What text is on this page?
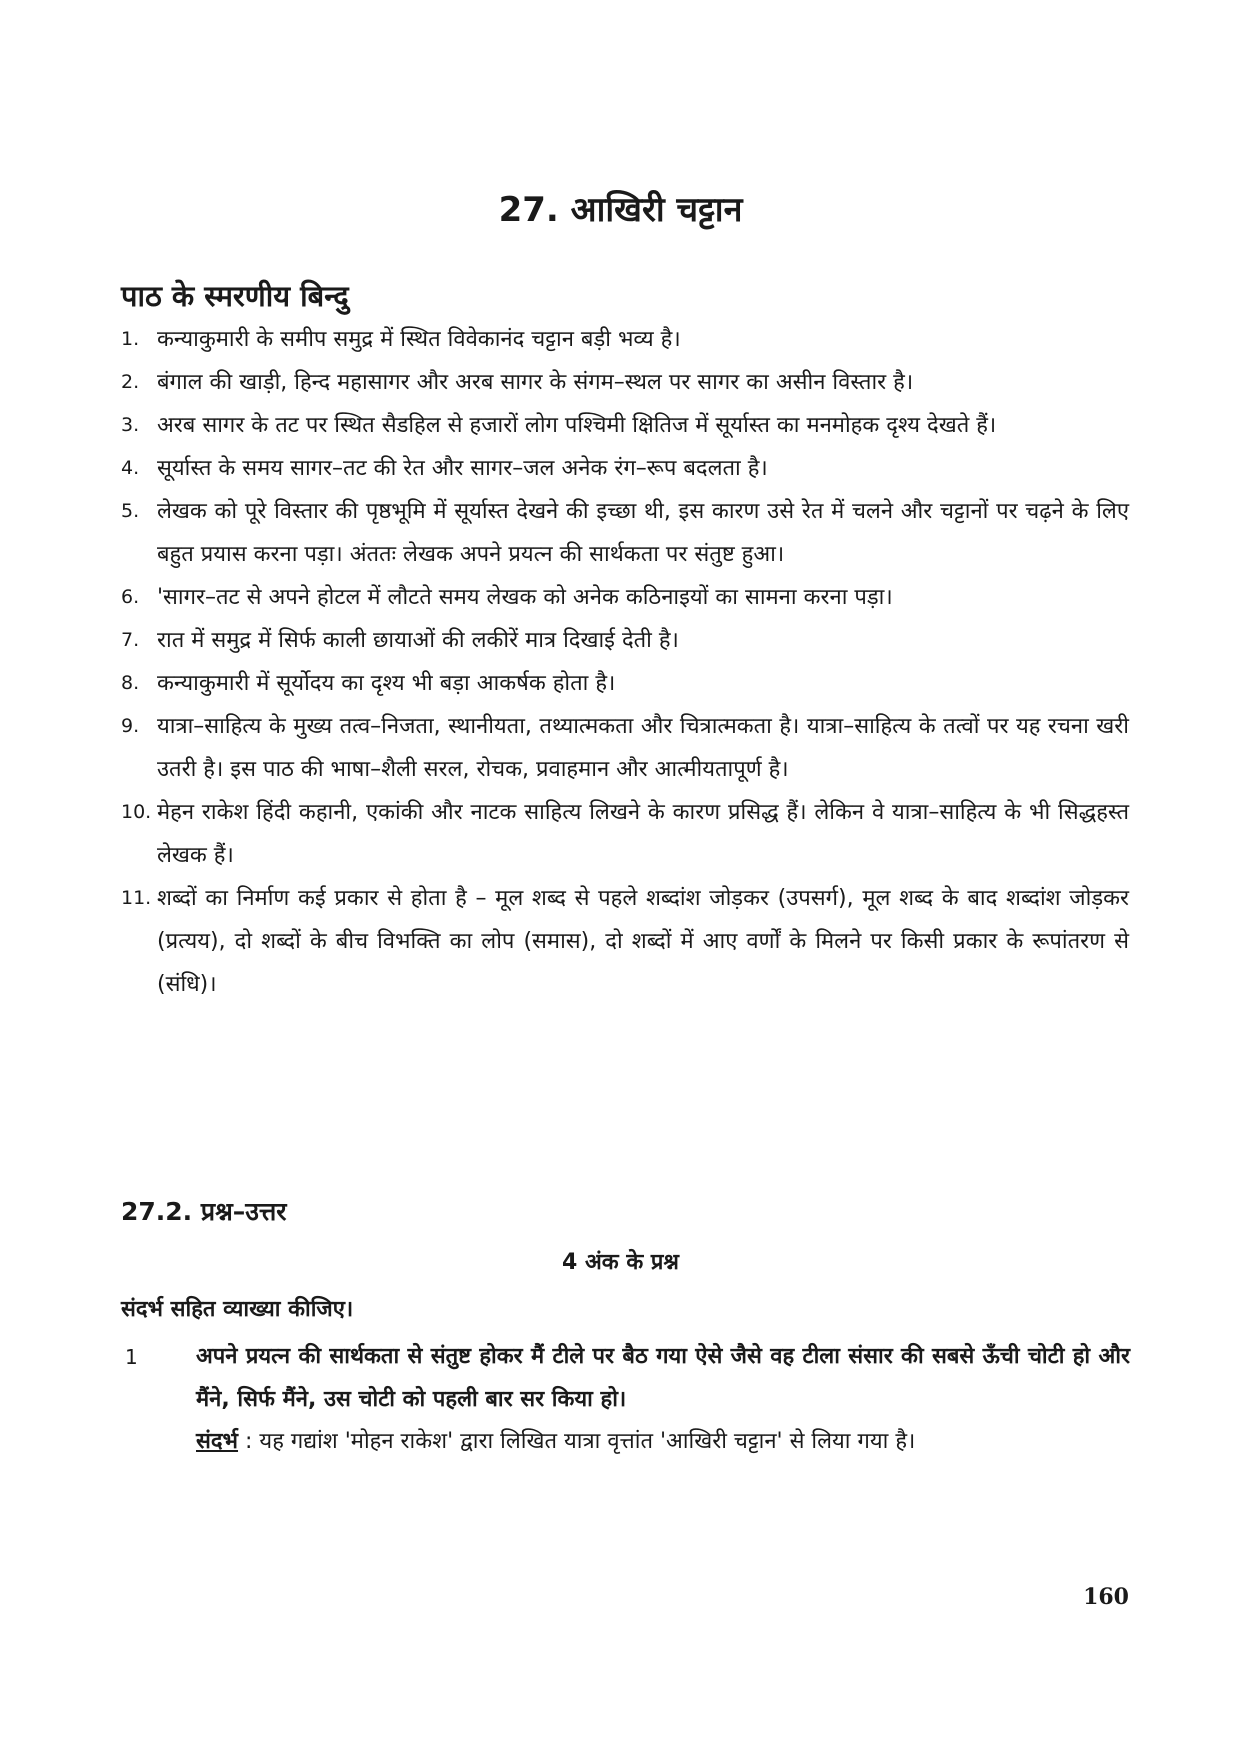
27. आखिरी चट्टान
पाठ के स्मरणीय बिन्दु
1. कन्याकुमारी के समीप समुद्र में स्थित विवेकानंद चट्टान बड़ी भव्य है।
2. बंगाल की खाड़ी, हिन्द महासागर और अरब सागर के संगम–स्थल पर सागर का असीन विस्तार है।
3. अरब सागर के तट पर स्थित सैडहिल से हजारों लोग पश्चिमी क्षितिज में सूर्यास्त का मनमोहक दृश्य देखते हैं।
4. सूर्यास्त के समय सागर–तट की रेत और सागर–जल अनेक रंग–रूप बदलता है।
5. लेखक को पूरे विस्तार की पृष्ठभूमि में सूर्यास्त देखने की इच्छा थी, इस कारण उसे रेत में चलने और चट्टानों पर चढ़ने के लिए बहुत प्रयास करना पड़ा। अंततः लेखक अपने प्रयत्न की सार्थकता पर संतुष्ट हुआ।
6. 'सागर–तट से अपने होटल में लौटते समय लेखक को अनेक कठिनाइयों का सामना करना पड़ा।
7. रात में समुद्र में सिर्फ काली छायाओं की लकीरें मात्र दिखाई देती है।
8. कन्याकुमारी में सूर्योदय का दृश्य भी बड़ा आकर्षक होता है।
9. यात्रा–साहित्य के मुख्य तत्व–निजता, स्थानीयता, तथ्यात्मकता और चित्रात्मकता है। यात्रा–साहित्य के तत्वों पर यह रचना खरी उतरी है। इस पाठ की भाषा–शैली सरल, रोचक, प्रवाहमान और आत्मीयतापूर्ण है।
10. मेहन राकेश हिंदी कहानी, एकांकी और नाटक साहित्य लिखने के कारण प्रसिद्ध हैं। लेकिन वे यात्रा–साहित्य के भी सिद्धहस्त लेखक हैं।
11. शब्दों का निर्माण कई प्रकार से होता है – मूल शब्द से पहले शब्दांश जोड़कर (उपसर्ग), मूल शब्द के बाद शब्दांश जोड़कर (प्रत्यय), दो शब्दों के बीच विभक्ति का लोप (समास), दो शब्दों में आए वर्णों के मिलने पर किसी प्रकार के रूपांतरण से (संधि)।
27.2. प्रश्न–उत्तर
4 अंक के प्रश्न
संदर्भ सहित व्याख्या कीजिए।
1	अपने प्रयत्न की सार्थकता से संतुष्ट होकर मैं टीले पर बैठ गया ऐसे जैसे वह टीला संसार की सबसे ऊँची चोटी हो और मैंने, सिर्फ मैंने, उस चोटी को पहली बार सर किया हो।
संदर्भ : यह गद्यांश 'मोहन राकेश' द्वारा लिखित यात्रा वृत्तांत 'आखिरी चट्टान' से लिया गया है।
160
